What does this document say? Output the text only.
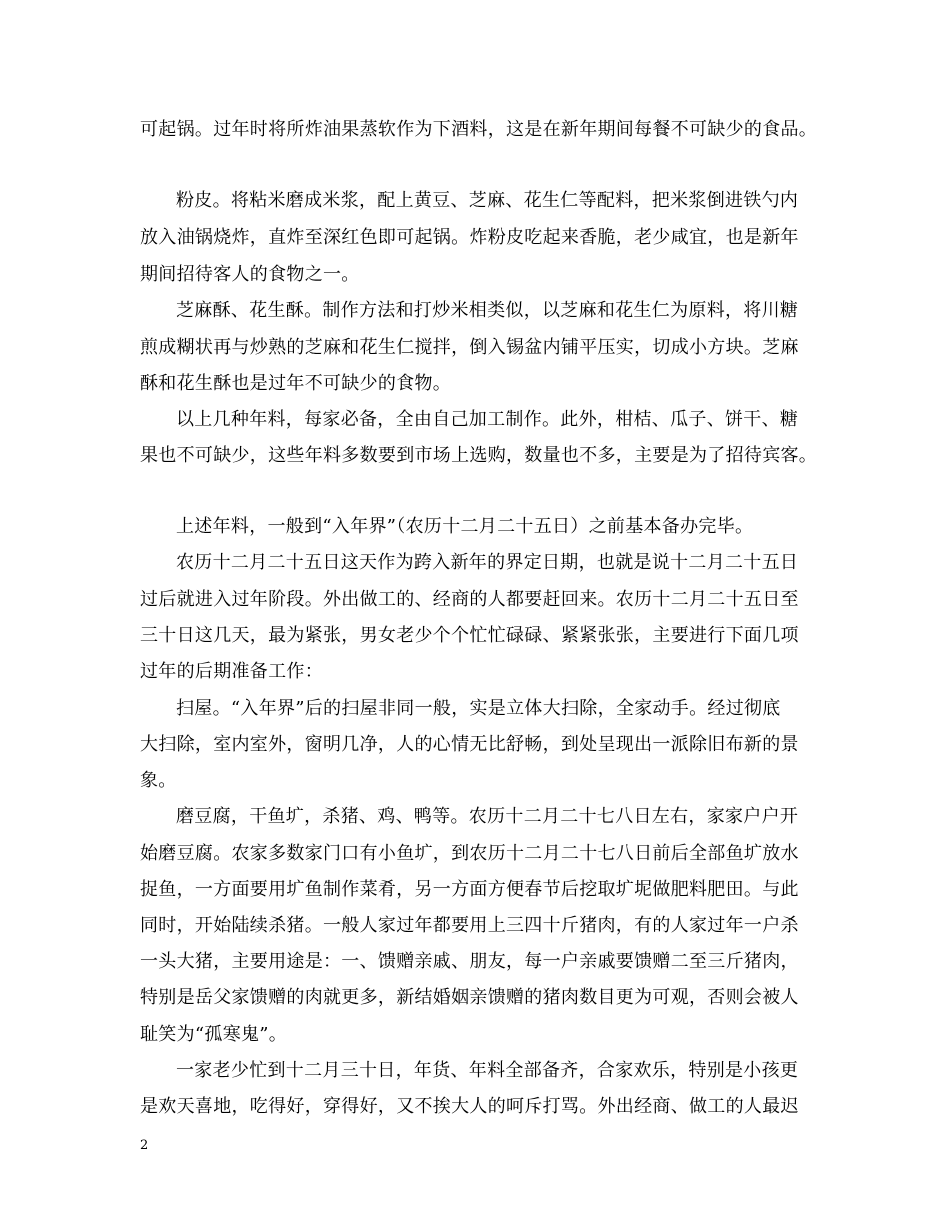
可起锅。过年时将所炸油果蒸软作为下酒料，这是在新年期间每餐不可缺少的食品。
粉皮。将粘米磨成米浆，配上黄豆、芝麻、花生仁等配料，把米浆倒进铁勺内
放入油锅烧炸，直炸至深红色即可起锅。炸粉皮吃起来香脆，老少咸宜，也是新年
期间招待客人的食物之一。
芝麻酥、花生酥。制作方法和打炒米相类似，以芝麻和花生仁为原料，将川糖
煎成糊状再与炒熟的芝麻和花生仁搅拌，倒入锡盆内铺平压实，切成小方块。芝麻
酥和花生酥也是过年不可缺少的食物。
以上几种年料，每家必备，全由自己加工制作。此外，柑桔、瓜子、饼干、糖
果也不可缺少，这些年料多数要到市场上选购，数量也不多，主要是为了招待宾客。
上述年料，一般到“入年界”（农历十二月二十五日）之前基本备办完毕。
农历十二月二十五日这天作为跨入新年的界定日期，也就是说十二月二十五日
过后就进入过年阶段。外出做工的、经商的人都要赶回来。农历十二月二十五日至
三十日这几天，最为紧张，男女老少个个忙忙碌碌、紧紧张张，主要进行下面几项
过年的后期准备工作：
扫屋。“入年界”后的扫屋非同一般，实是立体大扫除，全家动手。经过彻底
大扫除，室内室外，窗明几净，人的心情无比舒畅，到处呈现出一派除旧布新的景
象。
磨豆腐，干鱼圹，杀猪、鸡、鸭等。农历十二月二十七八日左右，家家户户开
始磨豆腐。农家多数家门口有小鱼圹，到农历十二月二十七八日前后全部鱼圹放水
捉鱼，一方面要用圹鱼制作菜肴，另一方面方便春节后挖取圹坭做肥料肥田。与此
同时，开始陆续杀猪。一般人家过年都要用上三四十斤猪肉，有的人家过年一户杀
一头大猪，主要用途是：一、馈赠亲戚、朋友，每一户亲戚要馈赠二至三斤猪肉，
特别是岳父家馈赠的肉就更多，新结婚姻亲馈赠的猪肉数目更为可观，否则会被人
耻笑为“孤寒鬼”。
一家老少忙到十二月三十日，年货、年料全部备齐，合家欢乐，特别是小孩更
是欢天喜地，吃得好，穿得好，又不挨大人的呵斥打骂。外出经商、做工的人最迟
2
